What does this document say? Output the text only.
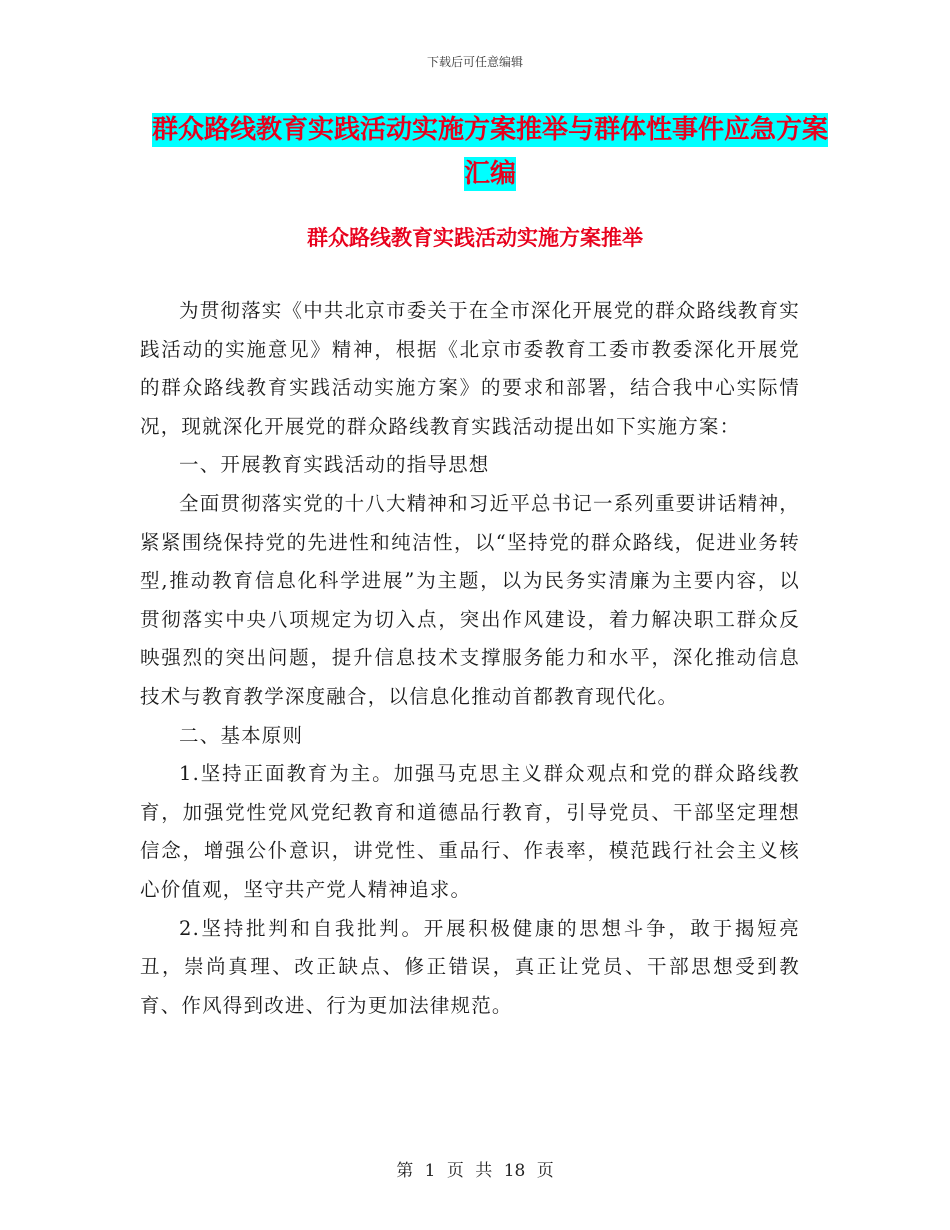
下载后可任意编辑
群众路线教育实践活动实施方案推举与群体性事件应急方案汇编
群众路线教育实践活动实施方案推举

为贯彻落实《中共北京市委关于在全市深化开展党的群众路线教育实践活动的实施意见》精神，根据《北京市委教育工委市教委深化开展党的群众路线教育实践活动实施方案》的要求和部署，结合我中心实际情况，现就深化开展党的群众路线教育实践活动提出如下实施方案：

一、开展教育实践活动的指导思想

全面贯彻落实党的十八大精神和习近平总书记一系列重要讲话精神，紧紧围绕保持党的先进性和纯洁性，以“坚持党的群众路线，促进业务转型,推动教育信息化科学进展”为主题，以为民务实清廉为主要内容，以贯彻落实中央八项规定为切入点，突出作风建设，着力解决职工群众反映强烈的突出问题，提升信息技术支撑服务能力和水平，深化推动信息技术与教育教学深度融合，以信息化推动首都教育现代化。

二、基本原则

1.坚持正面教育为主。加强马克思主义群众观点和党的群众路线教育，加强党性党风党纪教育和道德品行教育，引导党员、干部坚定理想信念，增强公仆意识，讲党性、重品行、作表率，模范践行社会主义核心价值观，坚守共产党人精神追求。

2.坚持批判和自我批判。开展积极健康的思想斗争，敢于揭短亮丑，崇尚真理、改正缺点、修正错误，真正让党员、干部思想受到教育、作风得到改进、行为更加法律规范。

第 1 页 共 18 页
